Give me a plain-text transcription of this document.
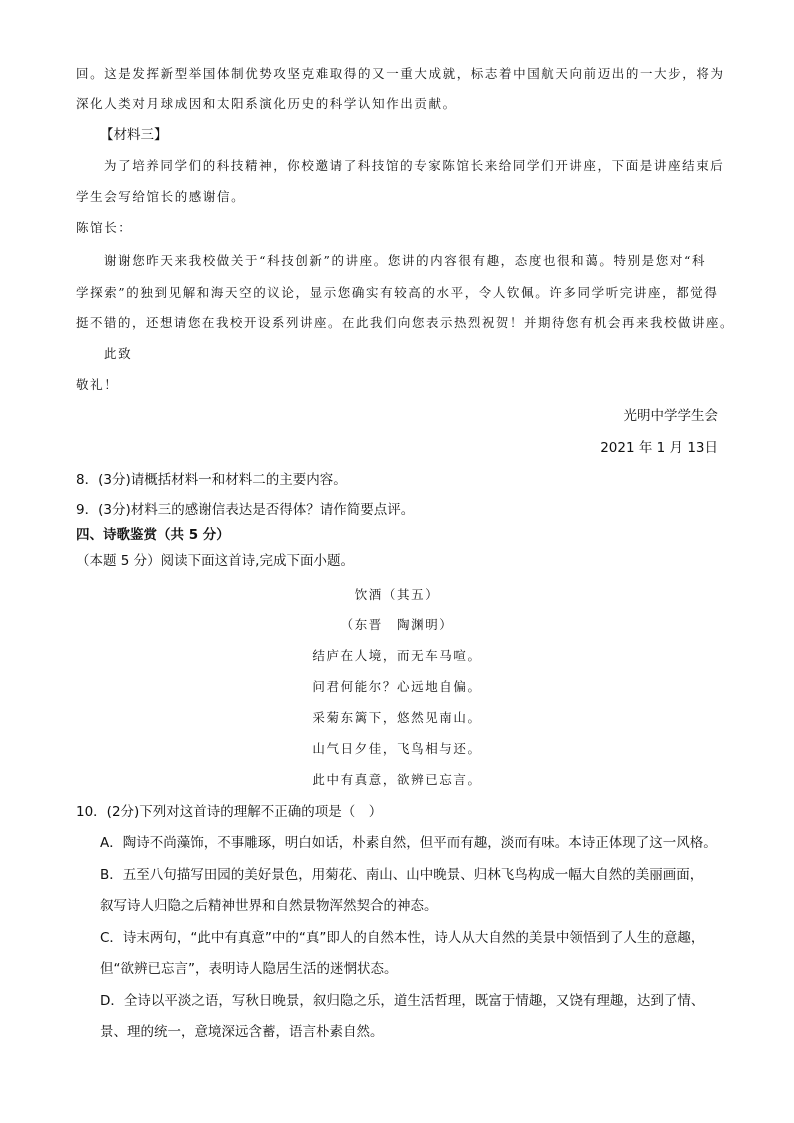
回。这是发挥新型举国体制优势攻坚克难取得的又一重大成就，标志着中国航天向前迈出的一大步，将为
深化人类对月球成因和太阳系演化历史的科学认知作出贡献。
【材料三】
为了培养同学们的科技精神，你校邀请了科技馆的专家陈馆长来给同学们开讲座，下面是讲座结束后
学生会写给馆长的感谢信。
陈馆长：
谢谢您昨天来我校做关于“科技创新”的讲座。您讲的内容很有趣，态度也很和蔼。特别是您对“科
学探索”的独到见解和海天空的议论，显示您确实有较高的水平，令人钦佩。许多同学听完讲座，都觉得
挺不错的，还想请您在我校开设系列讲座。在此我们向您表示热烈祝贺！并期待您有机会再来我校做讲座。
此致
敬礼！
光明中学学生会
2021 年 1 月 13日
8．(3分)请概括材料一和材料二的主要内容。
9．(3分)材料三的感谢信表达是否得体？请作简要点评。
四、诗歌鉴赏（共 5 分）
（本题 5 分）阅读下面这首诗,完成下面小题。
饮酒（其五）
（东晋　陶渊明）
结庐在人境，而无车马喧。
问君何能尔？心远地自偏。
采菊东篱下，悠然见南山。
山气日夕佳，飞鸟相与还。
此中有真意，欲辨已忘言。
10．(2分)下列对这首诗的理解不正确的项是（　）
A．陶诗不尚藻饰，不事雕琢，明白如话，朴素自然，但平而有趣，淡而有味。本诗正体现了这一风格。
B．五至八句描写田园的美好景色，用菊花、南山、山中晚景、归林飞鸟构成一幅大自然的美丽画面，
叙写诗人归隐之后精神世界和自然景物浑然契合的神态。
C．诗末两句，“此中有真意”中的“真”即人的自然本性，诗人从大自然的美景中领悟到了人生的意趣，
但“欲辨已忘言”，表明诗人隐居生活的迷惘状态。
D．全诗以平淡之语，写秋日晚景，叙归隐之乐，道生活哲理，既富于情趣，又饶有理趣，达到了情、
景、理的统一，意境深远含蓄，语言朴素自然。
